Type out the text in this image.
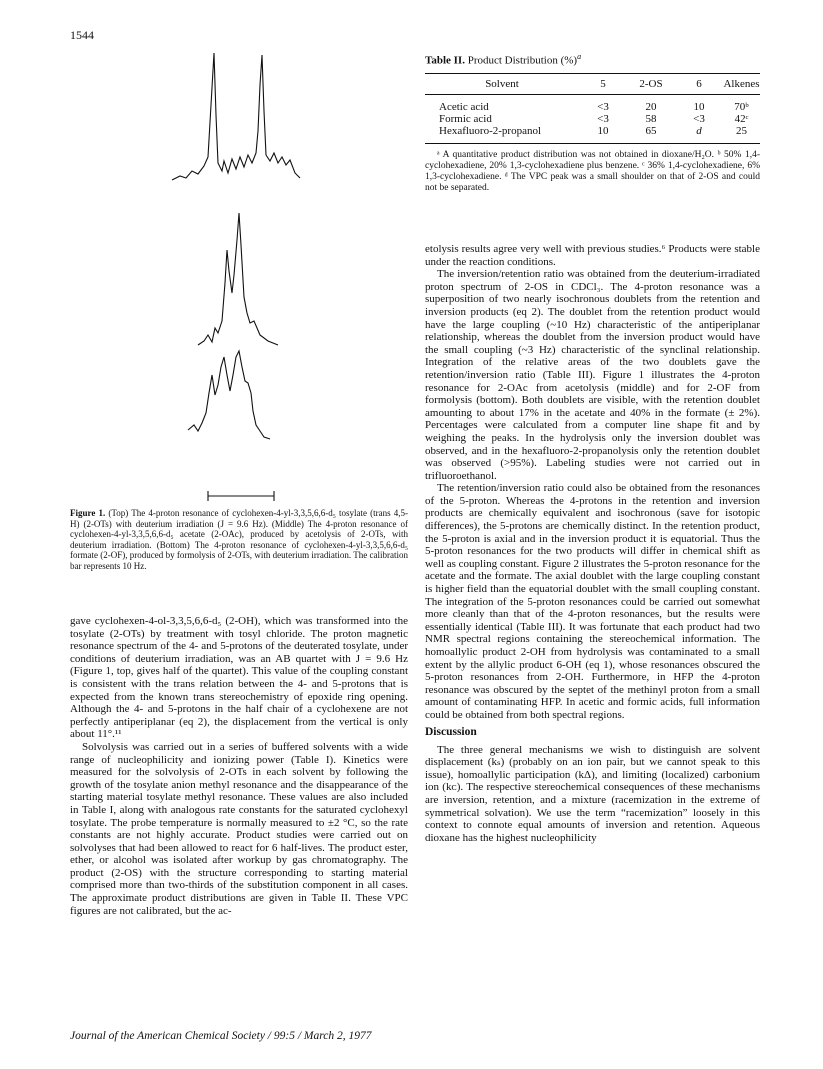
1544
Figure 1. (Top) The 4-proton resonance of cyclohexen-4-yl-3,3,5,6,6-d₅ tosylate (trans 4,5-H) (2-OTs) with deuterium irradiation (J = 9.6 Hz). (Middle) The 4-proton resonance of cyclohexen-4-yl-3,3,5,6,6-d₅ acetate (2-OAc), produced by acetolysis of 2-OTs, with deuterium irradiation. (Bottom) The 4-proton resonance of cyclohexen-4-yl-3,3,5,6,6-d₅ formate (2-OF), produced by formolysis of 2-OTs, with deuterium irradiation. The calibration bar represents 10 Hz.

gave cyclohexen-4-ol-3,3,5,6,6-d₅ (2-OH), which was transformed into the tosylate (2-OTs) by treatment with tosyl chloride. The proton magnetic resonance spectrum of the 4- and 5-protons of the deuterated tosylate, under conditions of deuterium irradiation, was an AB quartet with J = 9.6 Hz (Figure 1, top, gives half of the quartet). This value of the coupling constant is consistent with the trans relation between the 4- and 5-protons that is expected from the known trans stereochemistry of epoxide ring opening. Although the 4- and 5-protons in the half chair of a cyclohexene are not perfectly antiperiplanar (eq 2), the displacement from the vertical is only about 11°.¹¹

Solvolysis was carried out in a series of buffered solvents with a wide range of nucleophilicity and ionizing power (Table I). Kinetics were measured for the solvolysis of 2-OTs in each solvent by following the growth of the tosylate anion methyl resonance and the disappearance of the starting material tosylate methyl resonance. These values are also included in Table I, along with analogous rate constants for the saturated cyclohexyl tosylate. The probe temperature is normally measured to ±2 °C, so the rate constants are not highly accurate. Product studies were carried out on solvolyses that had been allowed to react for 6 half-lives. The product ester, ether, or alcohol was isolated after workup by gas chromatography. The product (2-OS) with the structure corresponding to starting material comprised more than two-thirds of the substitution component in all cases. The approximate product distributions are given in Table II. These VPC figures are not calibrated, but the ac-

Table II. Product Distribution (%)$^a$
Solvent	5	2-OS	6	Alkenes
Acetic acid	<3	20	10	70ᵇ
Formic acid	<3	58	<3	42ᶜ
Hexafluoro-2-propanol	10	65	d	25

ᵃ A quantitative product distribution was not obtained in dioxane/H₂O. ᵇ 50% 1,4-cyclohexadiene, 20% 1,3-cyclohexadiene plus benzene. ᶜ 36% 1,4-cyclohexadiene, 6% 1,3-cyclohexadiene. ᵈ The VPC peak was a small shoulder on that of 2-OS and could not be separated.

etolysis results agree very well with previous studies.⁶ Products were stable under the reaction conditions.

The inversion/retention ratio was obtained from the deuterium-irradiated proton spectrum of 2-OS in CDCl₃. The 4-proton resonance was a superposition of two nearly isochronous doublets from the retention and inversion products (eq 2). The doublet from the retention product would have the large coupling (~10 Hz) characteristic of the antiperiplanar relationship, whereas the doublet from the inversion product would have the small coupling (~3 Hz) characteristic of the synclinal relationship. Integration of the relative areas of the two doublets gave the retention/inversion ratio (Table III). Figure 1 illustrates the 4-proton resonance for 2-OAc from acetolysis (middle) and for 2-OF from formolysis (bottom). Both doublets are visible, with the retention doublet amounting to about 17% in the acetate and 40% in the formate (± 2%). Percentages were calculated from a computer line shape fit and by weighing the peaks. In the hydrolysis only the inversion doublet was observed, and in the hexafluoro-2-propanolysis only the retention doublet was observed (>95%). Labeling studies were not carried out in trifluoroethanol.

The retention/inversion ratio could also be obtained from the resonances of the 5-proton. Whereas the 4-protons in the retention and inversion products are chemically equivalent and isochronous (save for isotopic differences), the 5-protons are chemically distinct. In the retention product, the 5-proton is axial and in the inversion product it is equatorial. Thus the 5-proton resonances for the two products will differ in chemical shift as well as coupling constant. Figure 2 illustrates the 5-proton resonance for the acetate and the formate. The axial doublet with the large coupling constant is higher field than the equatorial doublet with the small coupling constant. The integration of the 5-proton resonances could be carried out somewhat more cleanly than that of the 4-proton resonances, but the results were essentially identical (Table III). It was fortunate that each product had two NMR spectral regions containing the stereochemical information. The homoallylic product 2-OH from hydrolysis was contaminated to a small extent by the allylic product 6-OH (eq 1), whose resonances obscured the 5-proton resonances from 2-OH. Furthermore, in HFP the 4-proton resonance was obscured by the septet of the methinyl proton from a small amount of contaminating HFP. In acetic and formic acids, full information could be obtained from both spectral regions.

Discussion

The three general mechanisms we wish to distinguish are solvent displacement (kₛ) (probably on an ion pair, but we cannot speak to this issue), homoallylic participation (kΔ), and limiting (localized) carbonium ion (kᴄ). The respective stereochemical consequences of these mechanisms are inversion, retention, and a mixture (racemization in the extreme of symmetrical solvation). We use the term “racemization” loosely in this context to connote equal amounts of inversion and retention. Aqueous dioxane has the highest nucleophilicity

Journal of the American Chemical Society / 99:5 / March 2, 1977
